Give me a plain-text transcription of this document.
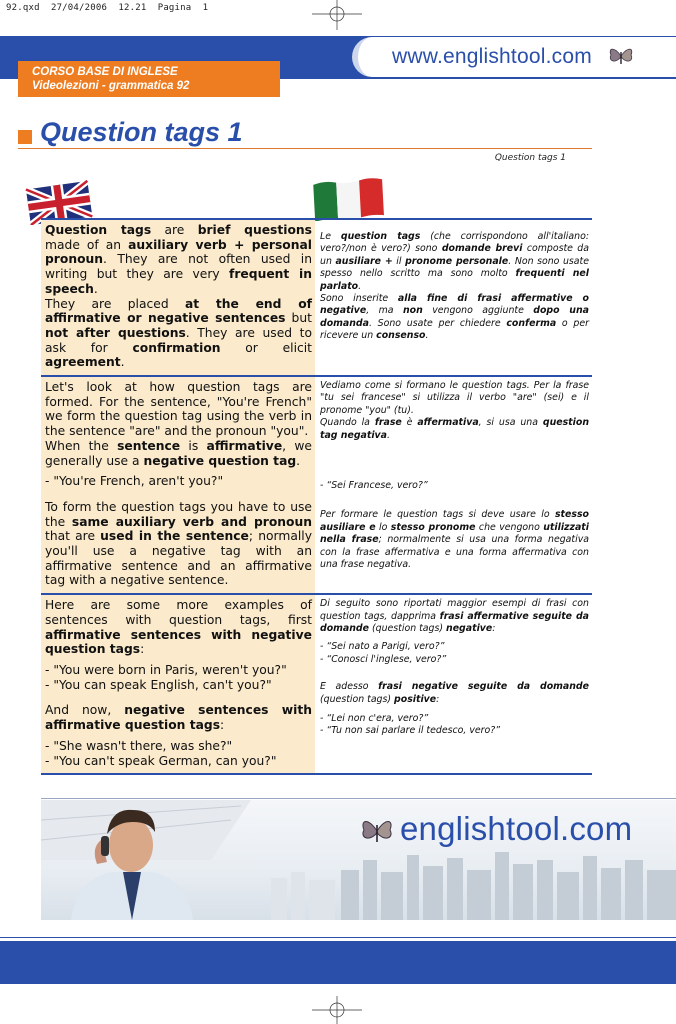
92.qxd  27/04/2006  12.21  Pagina  1
www.englishtool.com
CORSO BASE DI INGLESE
Videolezioni - grammatica 92
Question tags 1
Question tags 1

Question tags are brief questions made of an auxiliary verb + personal pronoun. They are not often used in writing but they are very frequent in speech.

They are placed at the end of affirmative or negative sentences but not after questions. They are used to ask for confirmation or elicit agreement.

Le question tags (che corrispondono all'italiano: vero?/non è vero?) sono domande brevi composte da un ausiliare + il pronome personale. Non sono usate spesso nello scritto ma sono molto frequenti nel parlato.

Sono inserite alla fine di frasi affermative o negative, ma non vengono aggiunte dopo una domanda. Sono usate per chiedere conferma o per ricevere un consenso.

Let's look at how question tags are formed. For the sentence, "You're French" we form the question tag using the verb in the sentence "are" and the pronoun "you".

When the sentence is affirmative, we generally use a negative question tag.

- "You're French, aren't you?"

To form the question tags you have to use the same auxiliary verb and pronoun that are used in the sentence; normally you'll use a negative tag with an affirmative sentence and an affirmative tag with a negative sentence.

Vediamo come si formano le question tags. Per la frase "tu sei francese" si utilizza il verbo "are" (sei) e il pronome "you" (tu).

Quando la frase è affermativa, si usa una question tag negativa.

- “Sei Francese, vero?”

Per formare le question tags si deve usare lo stesso ausiliare e lo stesso pronome che vengono utilizzati nella frase; normalmente si usa una forma negativa con la frase affermativa e una forma affermativa con una frase negativa.

Here are some more examples of sentences with question tags, first affirmative sentences with negative question tags:

- "You were born in Paris, weren't you?"

- "You can speak English, can't you?"

And now, negative sentences with affirmative question tags:

- "She wasn't there, was she?"

- "You can't speak German, can you?"

Di seguito sono riportati maggior esempi di frasi con question tags, dapprima frasi affermative seguite da domande (question tags) negative:

- “Sei nato a Parigi, vero?”

- “Conosci l'inglese, vero?”

E adesso frasi negative seguite da domande (question tags) positive:

- “Lei non c'era, vero?”

- “Tu non sai parlare il tedesco, vero?”

englishtool.com
